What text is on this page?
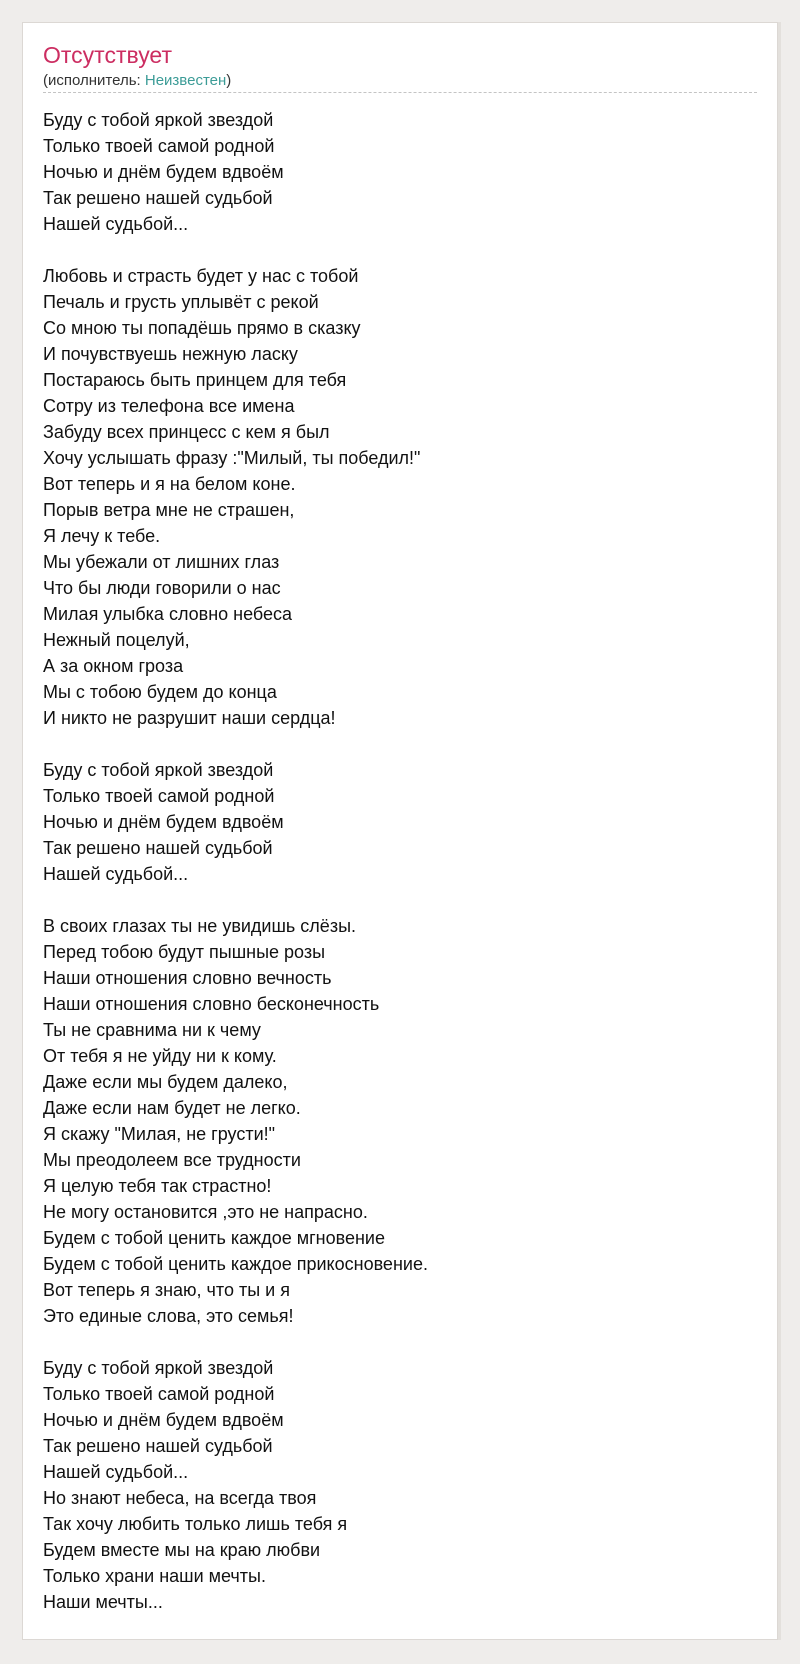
Отсутствует
(исполнитель: Неизвестен)
Буду с тобой яркой звездой
Только твоей самой родной
Ночью и днём будем вдвоём
Так решено нашей судьбой
Нашей судьбой...
Любовь и страсть будет у нас с тобой
Печаль и грусть уплывёт с рекой
Со мною ты попадёшь прямо в сказку
И почувствуешь нежную ласку
Постараюсь быть принцем для тебя
Сотру из телефона все имена
Забуду всех принцесс с кем я был
Хочу услышать фразу :"Милый, ты победил!"
Вот теперь и я на белом коне.
Порыв ветра мне не страшен,
Я лечу к тебе.
Мы убежали от лишних глаз
Что бы люди говорили о нас
Милая улыбка словно небеса
Нежный поцелуй,
А за окном гроза
Мы с тобою будем до конца
И никто не разрушит наши сердца!
Буду с тобой яркой звездой
Только твоей самой родной
Ночью и днём будем вдвоём
Так решено нашей судьбой
Нашей судьбой...
В своих глазах ты не увидишь слёзы.
Перед тобою будут пышные розы
Наши отношения словно вечность
Наши отношения словно бесконечность
Ты не сравнима ни к чему
От тебя я не уйду ни к кому.
Даже если мы будем далеко,
Даже если нам будет не легко.
Я скажу "Милая, не грусти!"
Мы преодолеем все трудности
Я целую тебя так страстно!
Не могу остановится ,это не напрасно.
Будем с тобой ценить каждое мгновение
Будем с тобой ценить каждое прикосновение.
Вот теперь я знаю, что ты и я
Это единые слова, это семья!
Буду с тобой яркой звездой
Только твоей самой родной
Ночью и днём будем вдвоём
Так решено нашей судьбой
Нашей судьбой...
Но знают небеса, на всегда твоя
Так хочу любить только лишь тебя я
Будем вместе мы на краю любви
Только храни наши мечты.
Наши мечты...
